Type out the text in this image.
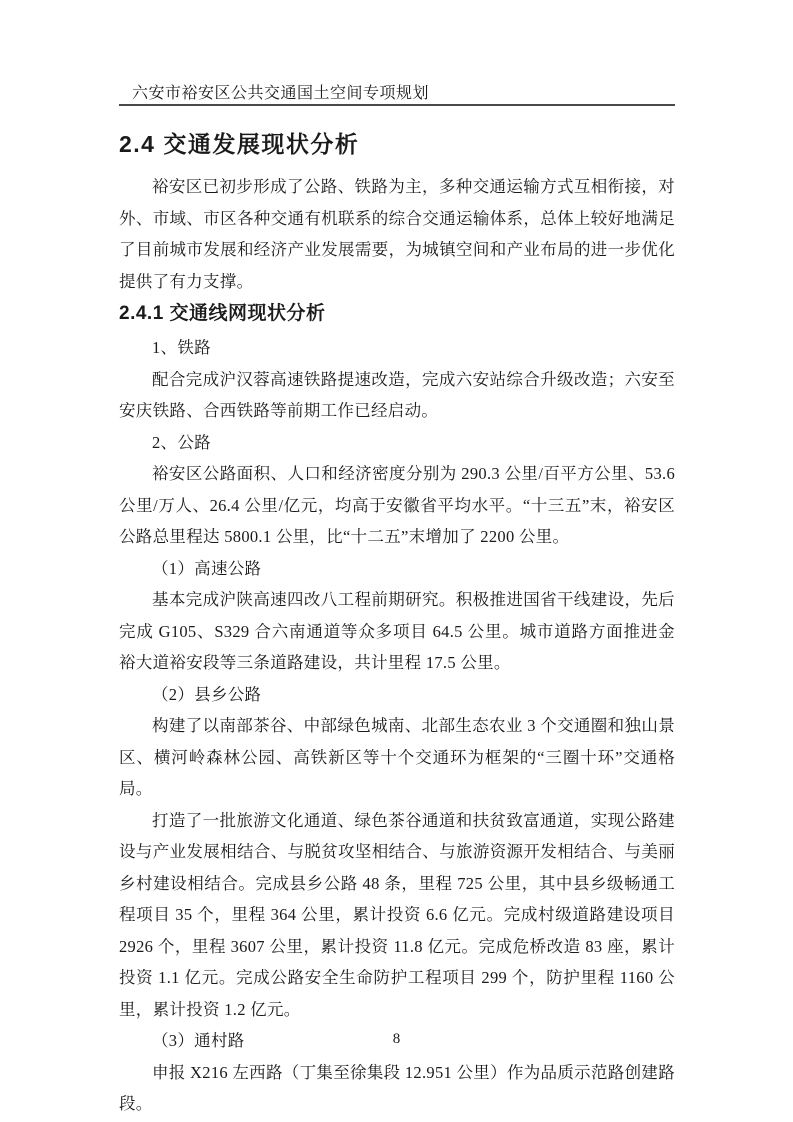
六安市裕安区公共交通国土空间专项规划
2.4 交通发展现状分析
裕安区已初步形成了公路、铁路为主，多种交通运输方式互相衔接，对外、市域、市区各种交通有机联系的综合交通运输体系，总体上较好地满足了目前城市发展和经济产业发展需要，为城镇空间和产业布局的进一步优化提供了有力支撑。
2.4.1 交通线网现状分析
1、铁路
配合完成沪汉蓉高速铁路提速改造，完成六安站综合升级改造；六安至安庆铁路、合西铁路等前期工作已经启动。
2、公路
裕安区公路面积、人口和经济密度分别为 290.3 公里/百平方公里、53.6 公里/万人、26.4 公里/亿元，均高于安徽省平均水平。“十三五”末，裕安区公路总里程达 5800.1 公里，比“十二五”末增加了 2200 公里。
（1）高速公路
基本完成沪陕高速四改八工程前期研究。积极推进国省干线建设，先后完成 G105、S329 合六南通道等众多项目 64.5 公里。城市道路方面推进金裕大道裕安段等三条道路建设，共计里程 17.5 公里。
（2）县乡公路
构建了以南部茶谷、中部绿色城南、北部生态农业 3 个交通圈和独山景区、横河岭森林公园、高铁新区等十个交通环为框架的“三圈十环”交通格局。
打造了一批旅游文化通道、绿色茶谷通道和扶贫致富通道，实现公路建设与产业发展相结合、与脱贫攻坚相结合、与旅游资源开发相结合、与美丽乡村建设相结合。完成县乡公路 48 条，里程 725 公里，其中县乡级畅通工程项目 35 个，里程 364 公里，累计投资 6.6 亿元。完成村级道路建设项目 2926 个，里程 3607 公里，累计投资 11.8 亿元。完成危桥改造 83 座，累计投资 1.1 亿元。完成公路安全生命防护工程项目 299 个，防护里程 1160 公里，累计投资 1.2 亿元。
（3）通村路
申报 X216 左西路（丁集至徐集段 12.951 公里）作为品质示范路创建路段。
8
